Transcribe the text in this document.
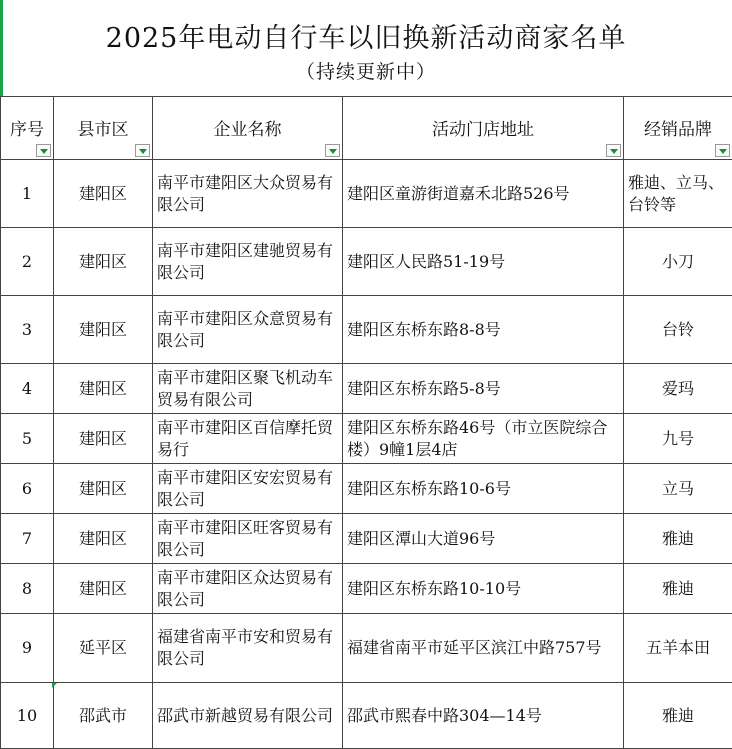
2025年电动自行车以旧换新活动商家名单
（持续更新中）
序号	县市区	企业名称	活动门店地址	经销品牌

1	建阳区	南平市建阳区大众贸易有限公司	建阳区童游街道嘉禾北路526号	雅迪、立马、台铃等

2	建阳区	南平市建阳区建驰贸易有限公司	建阳区人民路51-19号	小刀
3	建阳区	南平市建阳区众意贸易有限公司	建阳区东桥东路8-8号	台铃
4	建阳区	南平市建阳区聚飞机动车贸易有限公司	建阳区东桥东路5-8号	爱玛
5	建阳区	南平市建阳区百信摩托贸易行	建阳区东桥东路46号（市立医院综合楼）9幢1层4店	九号
6	建阳区	南平市建阳区安宏贸易有限公司	建阳区东桥东路10-6号	立马
7	建阳区	南平市建阳区旺客贸易有限公司	建阳区潭山大道96号	雅迪
8	建阳区	南平市建阳区众达贸易有限公司	建阳区东桥东路10-10号	雅迪
9	延平区	福建省南平市安和贸易有限公司	福建省南平市延平区滨江中路757号	五羊本田
10	邵武市	邵武市新越贸易有限公司	邵武市熙春中路304—14号	雅迪
